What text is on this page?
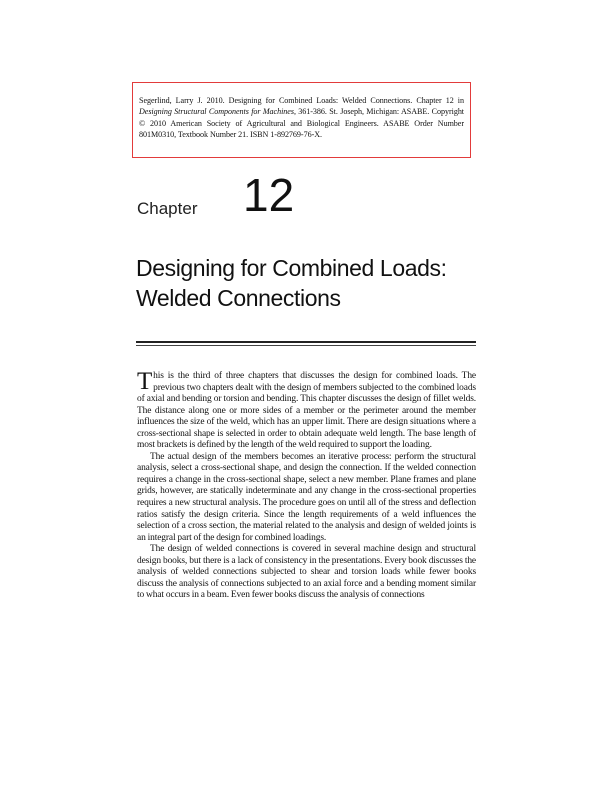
Segerlind, Larry J. 2010. Designing for Combined Loads: Welded Connections. Chapter 12 in Designing Structural Components for Machines, 361-386. St. Joseph, Michigan: ASABE. Copyright © 2010 American Society of Agricultural and Biological Engineers. ASABE Order Number 801M0310, Textbook Number 21. ISBN 1-892769-76-X.
Chapter 12
Designing for Combined Loads:
Welded Connections

This is the third of three chapters that discusses the design for combined loads. The previous two chapters dealt with the design of members subjected to the combined loads of axial and bending or torsion and bending. This chapter discusses the design of fillet welds. The distance along one or more sides of a member or the perimeter around the member influences the size of the weld, which has an upper limit. There are design situations where a cross-sectional shape is selected in order to obtain adequate weld length. The base length of most brackets is defined by the length of the weld required to support the loading.

The actual design of the members becomes an iterative process: perform the structural analysis, select a cross-sectional shape, and design the connection. If the welded connection requires a change in the cross-sectional shape, select a new member. Plane frames and plane grids, however, are statically indeterminate and any change in the cross-sectional properties requires a new structural analysis. The procedure goes on until all of the stress and deflection ratios satisfy the design criteria. Since the length requirements of a weld influences the selection of a cross section, the material related to the analysis and design of welded joints is an integral part of the design for combined loadings.

The design of welded connections is covered in several machine design and structural design books, but there is a lack of consistency in the presentations. Every book discusses the analysis of welded connections subjected to shear and torsion loads while fewer books discuss the analysis of connections subjected to an axial force and a bending moment similar to what occurs in a beam. Even fewer books discuss the analysis of connections
